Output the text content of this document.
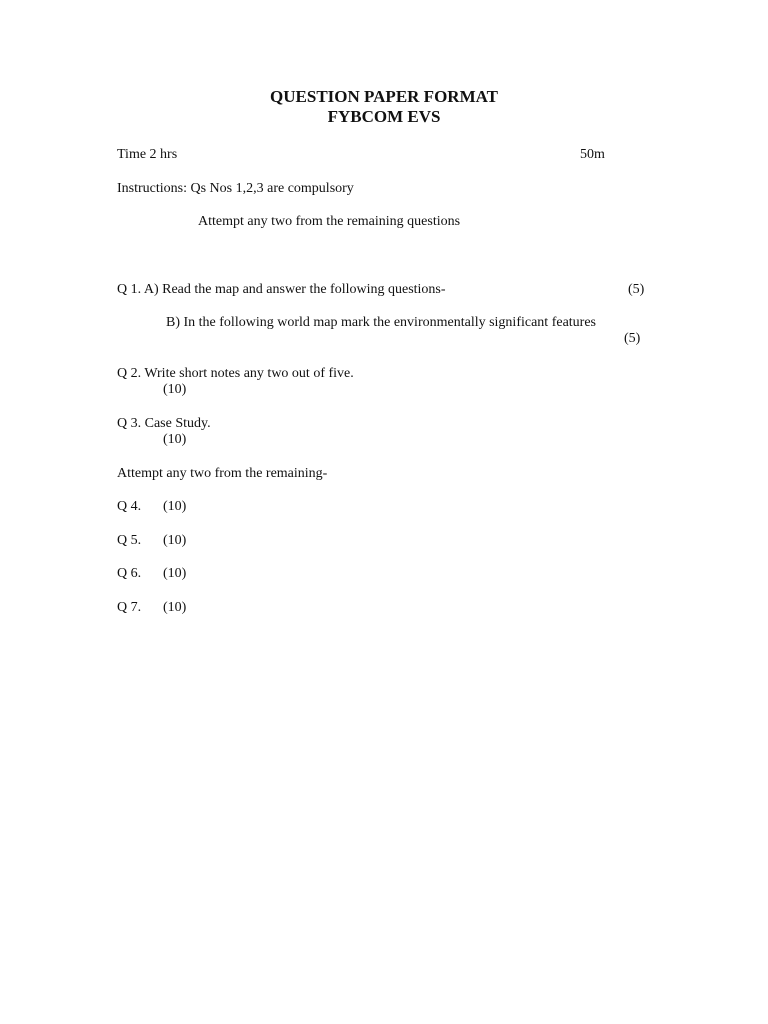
QUESTION PAPER FORMAT
FYBCOM EVS
Time 2 hrs	50m
Instructions: Qs Nos 1,2,3 are compulsory
Attempt any two from the remaining questions
Q 1. A) Read the map and answer the following questions-	(5)
B) In the following world map mark the environmentally significant features
(5)
Q 2. Write short notes any two out of five.
(10)
Q 3. Case Study.
(10)
Attempt any two from the remaining-
Q 4. (10)
Q 5. (10)
Q 6. (10)
Q 7. (10)
